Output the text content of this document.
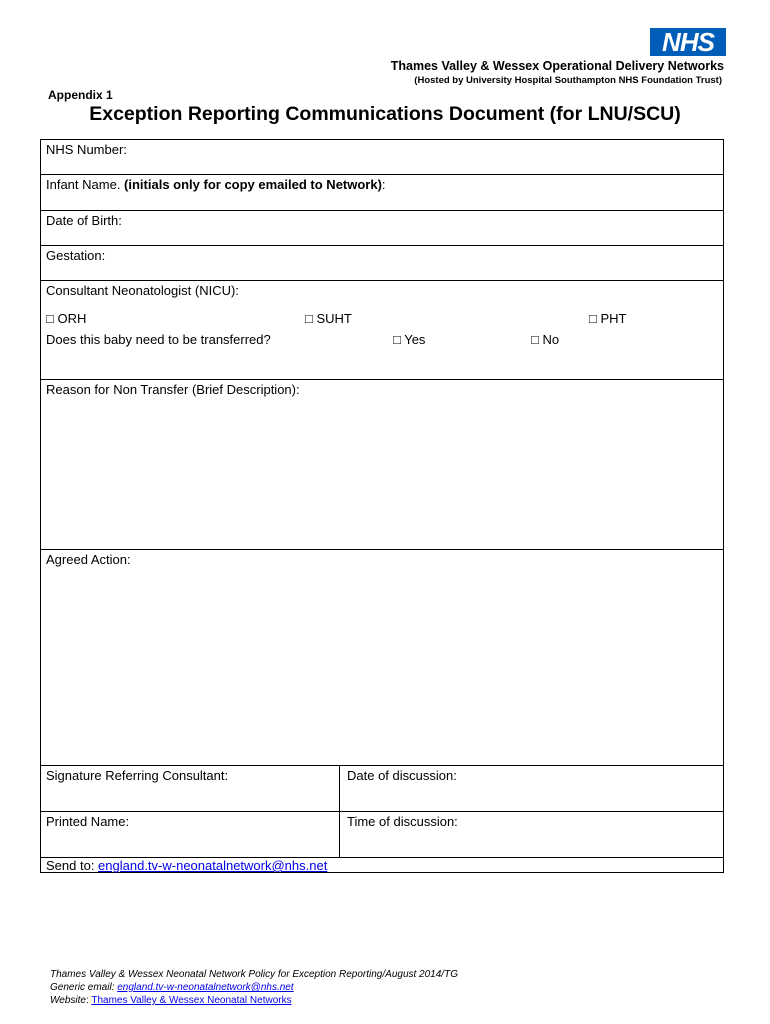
NHS
Thames Valley & Wessex Operational Delivery Networks
(Hosted by University Hospital Southampton NHS Foundation Trust)
Appendix 1
Exception Reporting Communications Document (for LNU/SCU)
NHS Number:
Infant Name. (initials only for copy emailed to Network):
Date of Birth:
Gestation:
Consultant Neonatologist (NICU):
□ ORH	□ SUHT	□ PHT
Does this baby need to be transferred?	□ Yes	□ No
Reason for Non Transfer (Brief Description):
Agreed Action:
Signature Referring Consultant:	Date of discussion:
Printed Name:	Time of discussion:
Send to: england.tv-w-neonatalnetwork@nhs.net
Thames Valley & Wessex Neonatal Network Policy for Exception Reporting/August 2014/TG
Generic email: england.tv-w-neonatalnetwork@nhs.net
Website: Thames Valley & Wessex Neonatal Networks
